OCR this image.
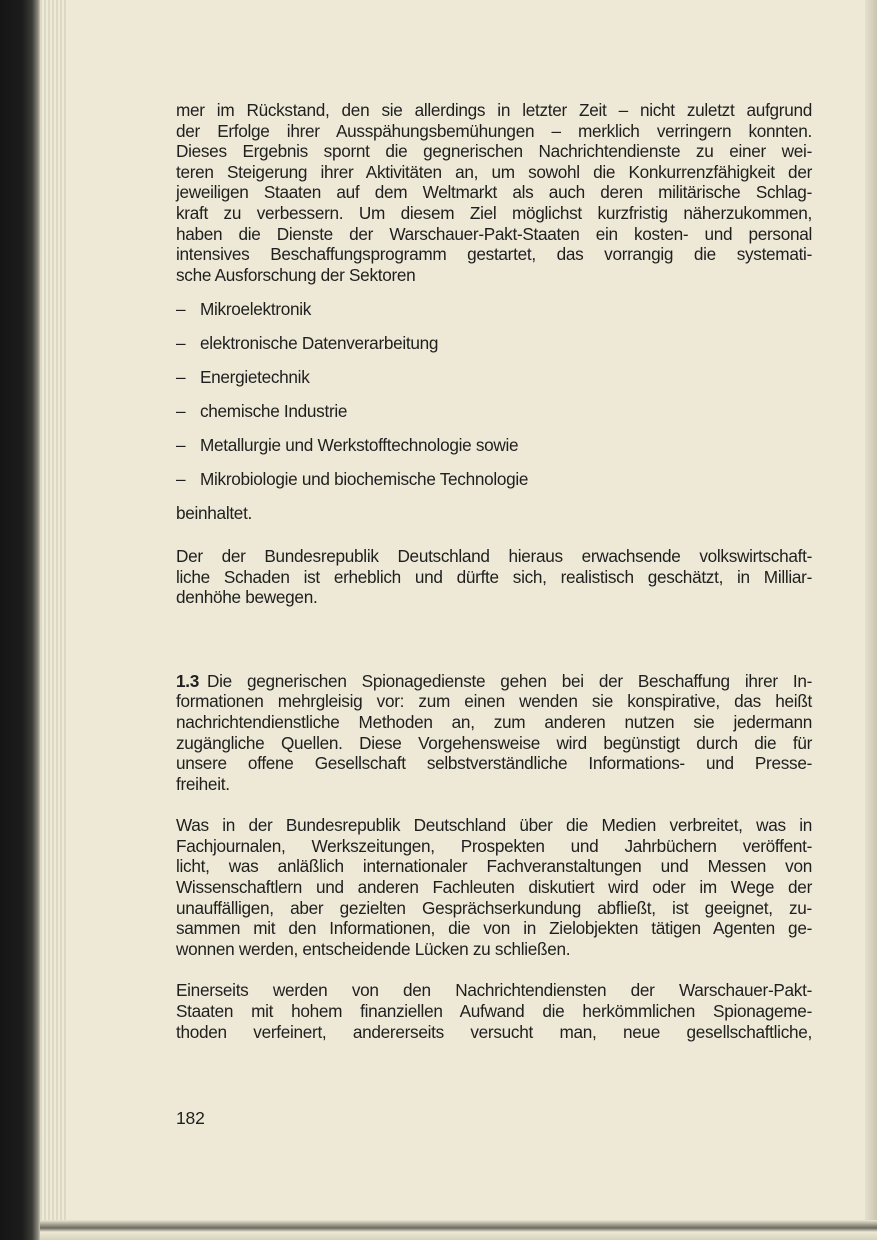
mer im Rückstand, den sie allerdings in letzter Zeit – nicht zuletzt aufgrund
der Erfolge ihrer Ausspähungsbemühungen – merklich verringern konnten.
Dieses Ergebnis spornt die gegnerischen Nachrichtendienste zu einer wei-
teren Steigerung ihrer Aktivitäten an, um sowohl die Konkurrenzfähigkeit der
jeweiligen Staaten auf dem Weltmarkt als auch deren militärische Schlag-
kraft zu verbessern. Um diesem Ziel möglichst kurzfristig näherzukommen,
haben die Dienste der Warschauer-Pakt-Staaten ein kosten- und personal
intensives Beschaffungsprogramm gestartet, das vorrangig die systemati-
sche Ausforschung der Sektoren
– Mikroelektronik
– elektronische Datenverarbeitung
– Energietechnik
– chemische Industrie
– Metallurgie und Werkstofftechnologie sowie
– Mikrobiologie und biochemische Technologie
beinhaltet.
Der der Bundesrepublik Deutschland hieraus erwachsende volkswirtschaft-
liche Schaden ist erheblich und dürfte sich, realistisch geschätzt, in Milliar-
denhöhe bewegen.
1.3 Die gegnerischen Spionagedienste gehen bei der Beschaffung ihrer In-
formationen mehrgleisig vor: zum einen wenden sie konspirative, das heißt
nachrichtendienstliche Methoden an, zum anderen nutzen sie jedermann
zugängliche Quellen. Diese Vorgehensweise wird begünstigt durch die für
unsere offene Gesellschaft selbstverständliche Informations- und Presse-
freiheit.
Was in der Bundesrepublik Deutschland über die Medien verbreitet, was in
Fachjournalen, Werkszeitungen, Prospekten und Jahrbüchern veröffent-
licht, was anläßlich internationaler Fachveranstaltungen und Messen von
Wissenschaftlern und anderen Fachleuten diskutiert wird oder im Wege der
unauffälligen, aber gezielten Gesprächserkundung abfließt, ist geeignet, zu-
sammen mit den Informationen, die von in Zielobjekten tätigen Agenten ge-
wonnen werden, entscheidende Lücken zu schließen.
Einerseits werden von den Nachrichtendiensten der Warschauer-Pakt-
Staaten mit hohem finanziellen Aufwand die herkömmlichen Spionageme-
thoden verfeinert, andererseits versucht man, neue gesellschaftliche,
182
